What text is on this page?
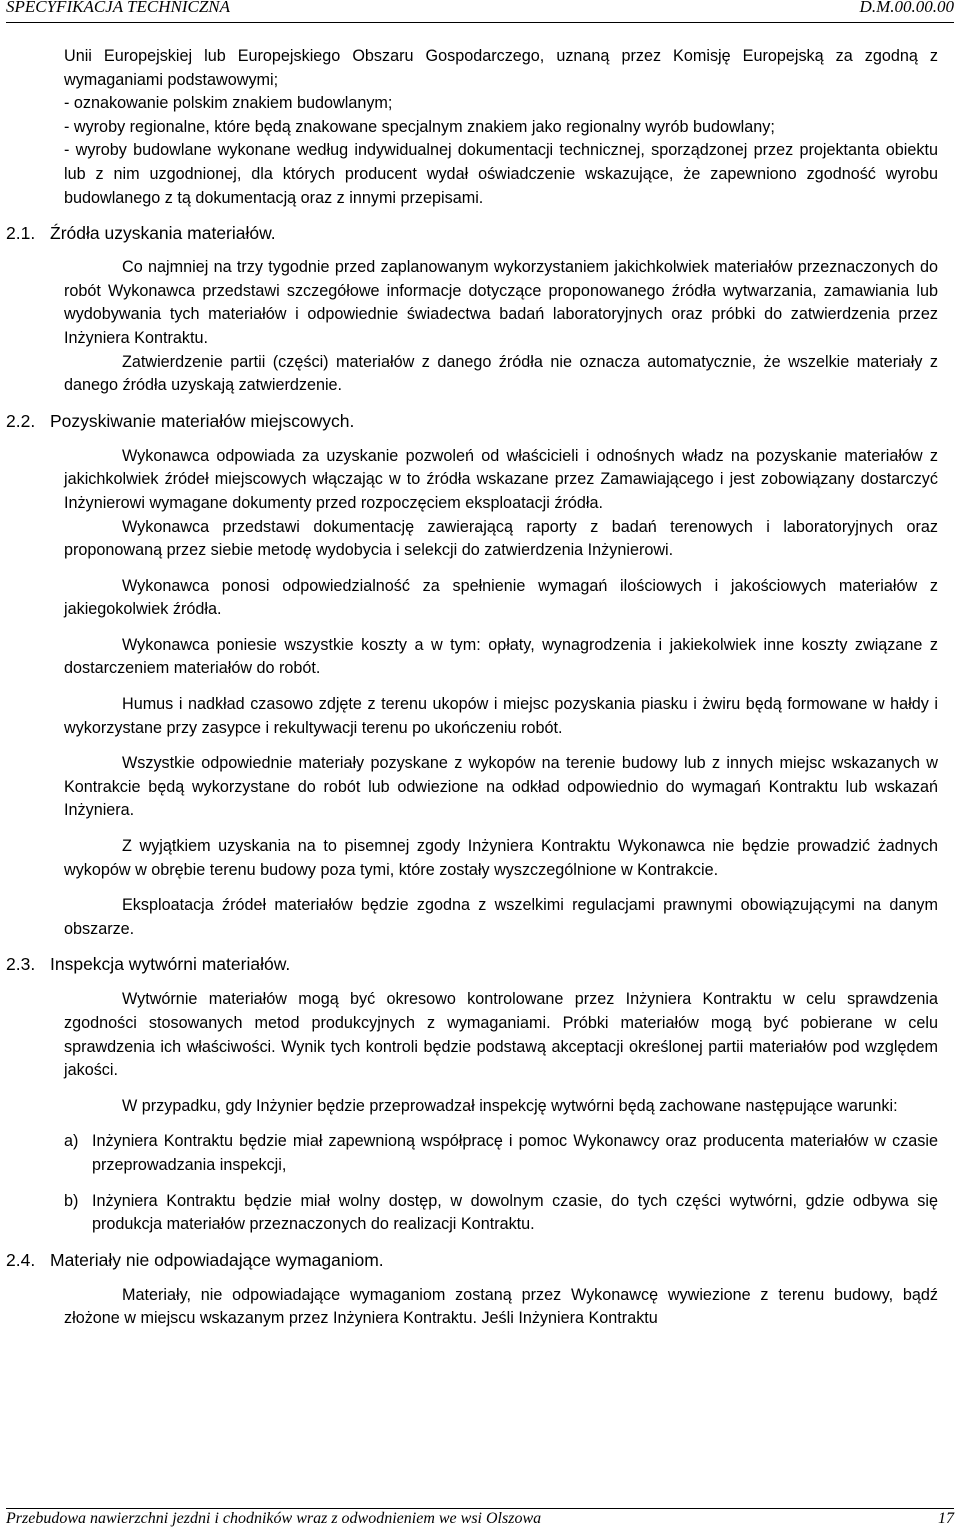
SPECYFIKACJA TECHNICZNA	D.M.00.00.00

Unii Europejskiej lub Europejskiego Obszaru Gospodarczego, uznaną przez Komisję Europejską za zgodną z wymaganiami podstawowymi;

- oznakowanie polskim znakiem budowlanym;

- wyroby regionalne, które będą znakowane specjalnym znakiem jako regionalny wyrób budowlany;

- wyroby budowlane wykonane według indywidualnej dokumentacji technicznej, sporządzonej przez projektanta obiektu lub z nim uzgodnionej, dla których producent wydał oświadczenie wskazujące, że zapewniono zgodność wyrobu budowlanego z tą dokumentacją oraz z innymi przepisami.

2.1. Źródła uzyskania materiałów.

Co najmniej na trzy tygodnie przed zaplanowanym wykorzystaniem jakichkolwiek materiałów przeznaczonych do robót Wykonawca przedstawi szczegółowe informacje dotyczące proponowanego źródła wytwarzania, zamawiania lub wydobywania tych materiałów i odpowiednie świadectwa badań laboratoryjnych oraz próbki do zatwierdzenia przez Inżyniera Kontraktu.

Zatwierdzenie partii (części) materiałów z danego źródła nie oznacza automatycznie, że wszelkie materiały z danego źródła uzyskają zatwierdzenie.

2.2. Pozyskiwanie materiałów miejscowych.

Wykonawca odpowiada za uzyskanie pozwoleń od właścicieli i odnośnych władz na pozyskanie materiałów z jakichkolwiek źródeł miejscowych włączając w to źródła wskazane przez Zamawiającego i jest zobowiązany dostarczyć Inżynierowi wymagane dokumenty przed rozpoczęciem eksploatacji źródła.

Wykonawca przedstawi dokumentację zawierającą raporty z badań terenowych i laboratoryjnych oraz proponowaną przez siebie metodę wydobycia i selekcji do zatwierdzenia Inżynierowi.

Wykonawca ponosi odpowiedzialność za spełnienie wymagań ilościowych i jakościowych materiałów z jakiegokolwiek źródła.

Wykonawca poniesie wszystkie koszty a w tym: opłaty, wynagrodzenia i jakiekolwiek inne koszty związane z dostarczeniem materiałów do robót.

Humus i nadkład czasowo zdjęte z terenu ukopów i miejsc pozyskania piasku i żwiru będą formowane w hałdy i wykorzystane przy zasypce i rekultywacji terenu po ukończeniu robót.

Wszystkie odpowiednie materiały pozyskane z wykopów na terenie budowy lub z innych miejsc wskazanych w Kontrakcie będą wykorzystane do robót lub odwiezione na odkład odpowiednio do wymagań Kontraktu lub wskazań Inżyniera.

Z wyjątkiem uzyskania na to pisemnej zgody Inżyniera Kontraktu Wykonawca nie będzie prowadzić żadnych wykopów w obrębie terenu budowy poza tymi, które zostały wyszczególnione w Kontrakcie.

Eksploatacja źródeł materiałów będzie zgodna z wszelkimi regulacjami prawnymi obowiązującymi na danym obszarze.

2.3. Inspekcja wytwórni materiałów.

Wytwórnie materiałów mogą być okresowo kontrolowane przez Inżyniera Kontraktu w celu sprawdzenia zgodności stosowanych metod produkcyjnych z wymaganiami. Próbki materiałów mogą być pobierane w celu sprawdzenia ich właściwości. Wynik tych kontroli będzie podstawą akceptacji określonej partii materiałów pod względem jakości.

W przypadku, gdy Inżynier będzie przeprowadzał inspekcję wytwórni będą zachowane następujące warunki:

a) Inżyniera Kontraktu będzie miał zapewnioną współpracę i pomoc Wykonawcy oraz producenta materiałów w czasie przeprowadzania inspekcji,
b) Inżyniera Kontraktu będzie miał wolny dostęp, w dowolnym czasie, do tych części wytwórni, gdzie odbywa się produkcja materiałów przeznaczonych do realizacji Kontraktu.
2.4. Materiały nie odpowiadające wymaganiom.

Materiały, nie odpowiadające wymaganiom zostaną przez Wykonawcę wywiezione z terenu budowy, bądź złożone w miejscu wskazanym przez Inżyniera Kontraktu. Jeśli Inżyniera Kontraktu

Przebudowa nawierzchni jezdni i chodników wraz z odwodnieniem we wsi Olszowa	17
